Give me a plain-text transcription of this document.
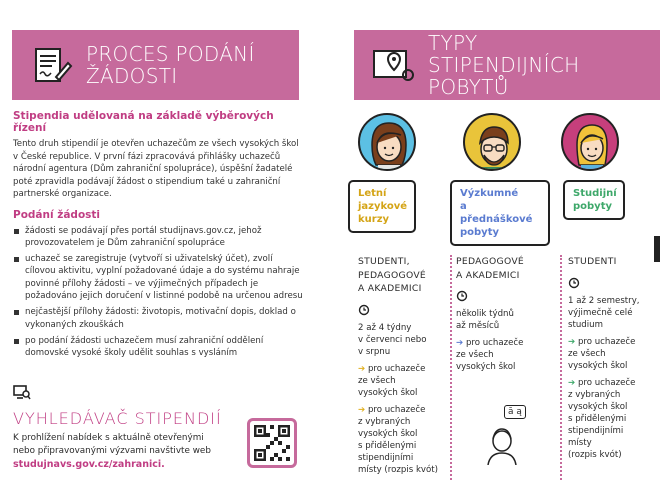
PROCES PODÁNÍ ŽÁDOSTI
TYPY STIPENDIJNÍCH POBYTŮ
Stipendia udělovaná na základě výběrových řízení
Tento druh stipendií je otevřen uchazečům ze všech vysokých škol v České republice. V první fázi zpracovává přihlášky uchazečů národní agentura (Dům zahraniční spolupráce), úspěšní žadatelé poté zpravidla podávají žádost o stipendium také u zahraniční partnerské organizace.
Podání žádosti
žádosti se podávají přes portál studijnavs.gov.cz, jehož provozovatelem je Dům zahraniční spolupráce
uchazeč se zaregistruje (vytvoří si uživatelský účet), zvolí cílovou aktivitu, vyplní požadované údaje a do systému nahraje povinné přílohy žádosti – ve výjimečných případech je požadováno jejich doručení v listinné podobě na určenou adresu
nejčastější přílohy žádosti: životopis, motivační dopis, doklad o vykonaných zkouškách
po podání žádosti uchazečem musí zahraniční oddělení domovské vysoké školy udělit souhlas s vysláním
VYHLEDÁVAČ STIPENDIÍ
K prohlížení nabídek s aktuálně otevřenými nebo připravovanými výzvami navštivte web
studujnavs.gov.cz/zahranici.
Letní
jazykové
kurzy
Výzkumné
a přednáškové
pobyty
Studijní
pobyty
STUDENTI,
PEDAGOGOVÉ
A AKADEMICI
2 až 4 týdny
v červenci nebo
v srpnu
➔ pro uchazeče
ze všech
vysokých škol
➔ pro uchazeče
z vybraných
vysokých škol
s přidělenými
stipendijními
místy (rozpis kvót)
PEDAGOGOVÉ
A AKADEMICI
několik týdnů
až měsíců
➔ pro uchazeče
ze všech
vysokých škol
ā ą
STUDENTI
1 až 2 semestry,
výjimečně celé
studium
➔ pro uchazeče
ze všech
vysokých škol
➔ pro uchazeče
z vybraných
vysokých škol
s přidělenými
stipendijními
místy
(rozpis kvót)
